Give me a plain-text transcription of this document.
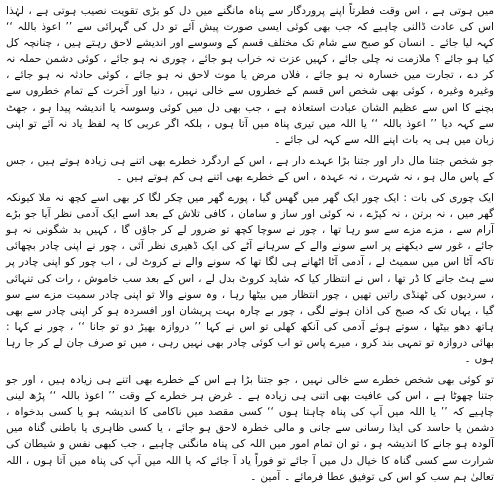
میں ہوتی ہے ، اس وقت فطرتاً اپنے پروردگار سے پناہ مانگنے میں دل کو بڑی تقویت نصیب ہوتی ہے ، لہٰذا اس کی عادت ڈالنی چاہیے کہ جب بھی کوئی ایسی صورت پیش آئے تو دل کی گہرائی سے ’’ اعوذ باللہ ‘‘ کہہ لیا جائے ۔ انسان کو صبح سے شام تک مختلف قسم کے وسوسے اور اندیشے لاحق رہتے ہیں ، چنانچہ کل کیا ہو جائے ؟ ملازمت نہ چلی جائے ، کہیں عزت نہ خراب ہو جائے ، چوری نہ ہو جائے ، کوئی دشمن حملہ نہ کر دے ، تجارت میں خسارہ نہ ہو جائے ، فلاں مرض یا موت لاحق نہ ہو جائے ، کوئی حادثہ نہ ہو جائے ، وغیرہ وغیرہ ، کوئی بھی شخص اس قسم کے خطروں سے خالی نہیں ، دنیا اور آخرت کے تمام خطروں سے بچنے کا اس سے عظیم الشان عبادت استعاذہ ہے ، جب بھی دل میں کوئی وسوسہ یا اندیشہ پیدا ہو ، جھٹ سے کہہ دیا ’’ اعوذ باللہ ‘‘ یا اللہ میں تیری پناہ میں آتا ہوں ، بلکہ اگر عربی کا یہ لفظ یاد نہ آئے تو اپنی زبان میں ہی یہ بات اپنے اللہ سے کہہ لی جائے ۔

جو شخص جتنا مال دار اور جتنا بڑا عہدے دار ہے ، اس کے اردگرد خطرے بھی اتنے ہی زیادہ ہوتے ہیں ، جس کے پاس مال ہو ، نہ شہرت ، نہ عہدہ ، اس کے خطرے بھی اتنے ہی کم ہوتے ہیں ۔

ایک چوری کی بات : ایک چور ایک گھر میں گھس گیا ، پورے گھر میں چکر لگا کر بھی اسے کچھ نہ ملا کیونکہ گھر میں ، نہ برتن ، نہ کپڑے ، نہ کوئی اور ساز و سامان ، کافی تلاش کے بعد اسے ایک آدمی نظر آیا جو بڑے آرام سے ، مزے مزے سے سو رہا تھا ، چور نے سوچا کچھ تو ضرور لے کر جاؤں گا ، کہیں بد شگونی نہ ہو جائے ، غور سے دیکھنے پر اسے سونے والے کے سرہانے آٹے کی ایک ڈھیری نظر آئی ، چور نے اپنی چادر بچھائی تاکہ آٹا اس میں سمیٹ لے ، آدمی آٹا اٹھانے ہی لگا تھا کہ سونے والے نے کروٹ لی ، اب چور کو اپنی چادر پر سے ہٹ جانے کا ڈر تھا ، اس نے انتظار کیا کہ شاید کروٹ بدل لے ، اس کے بعد سب خاموش ، رات کی تنہائی ، سردیوں کی ٹھنڈی راتیں تھیں ، چور انتظار میں بیٹھا رہا ، وہ سونے والا تو اپنی چادر سمیت مزے سے سو گیا ، یہاں تک کہ صبح کی اذان ہونے لگی ، چور بے چارہ بہت پریشان اور افسردہ ہو کر اپنی چادر سے بھی ہاتھ دھو بیٹھا ، سوتے ہوئے آدمی کی آنکھ کھلی تو اس نے کہا ’’ دروازہ بھیڑ دو تو جانا ‘‘ ، چور نے کہا : بھائی دروازہ تو تمہی بند کرو ، میرے پاس تو اب کوئی چادر بھی نہیں رہی ، میں تو صرف جان لے کر جا رہا ہوں ۔

تو کوئی بھی شخص خطرے سے خالی نہیں ، جو جتنا بڑا ہے اس کے خطرے بھی اتنے ہی زیادہ ہیں ، اور جو جتنا چھوٹا ہے ، اس کی عافیت بھی اتنی ہی زیادہ ہے ۔ غرض ہر خطرے کے وقت ’’ اعوذ باللہ ‘‘ پڑھ لینی چاہیے کہ ’’ یا اللہ میں آپ کی پناہ چاہتا ہوں ‘‘ کسی مقصد میں ناکامی کا اندیشہ ہو یا کسی بدخواہ ، دشمن یا حاسد کی ایذا رسانی سے جانی و مالی خطرہ لاحق ہو جائے ، یا کسی ظاہری یا باطنی گناہ میں آلودہ ہو جانے کا اندیشہ ہو ، تو ان تمام امور میں اللہ کی پناہ مانگنی چاہیے ، جب کبھی نفس و شیطان کی شرارت سے کسی گناہ کا خیال دل میں آ جائے تو فوراً یاد آ جائے کہ یا اللہ میں آپ کی پناہ میں آتا ہوں ، اللہ تعالیٰ ہم سب کو اس کی توفیق عطا فرمائے ۔ آمین ۔
